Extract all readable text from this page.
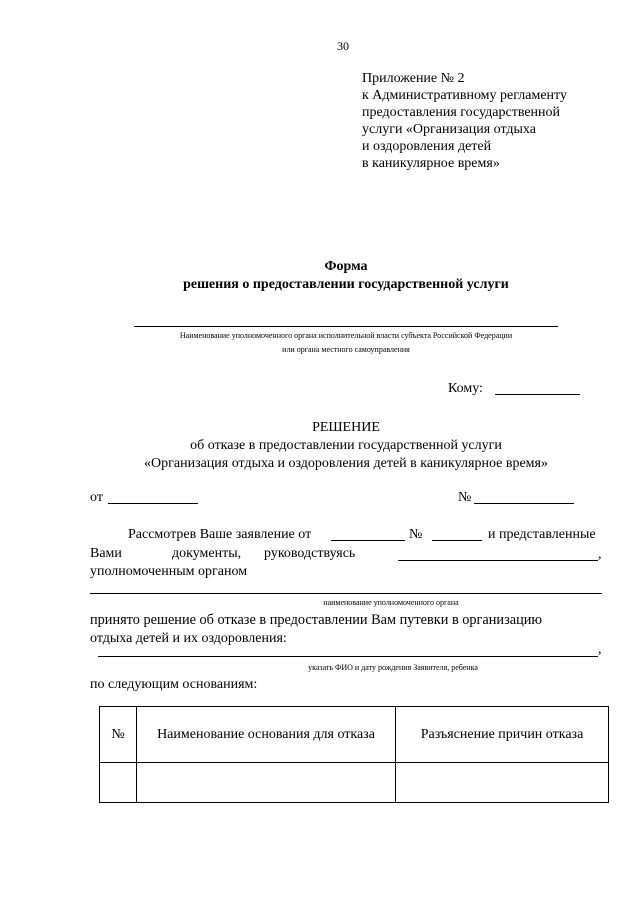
30
Приложение № 2
к Административному регламенту
предоставления государственной
услуги «Организация отдыха
и оздоровления детей
в каникулярное время»
Форма
решения о предоставлении государственной услуги
Наименование уполномоченного органа исполнительной власти субъекта Российской Федерации
или органа местного самоуправления
Кому:
РЕШЕНИЕ
об отказе в предоставлении государственной услуги
«Организация отдыха и оздоровления детей в каникулярное время»
от	№
Рассмотрев Ваше заявление от	№	и представленные
Вами	документы, руководствуясь	,
уполномоченным органом
наименование уполномоченного органа
принято решение об отказе в предоставлении Вам путевки в организацию
отдыха детей и их оздоровления:
,
указать ФИО и дату рождения Заявителя, ребенка
по следующим основаниям:
№	Наименование основания для отказа	Разъяснение причин отказа
